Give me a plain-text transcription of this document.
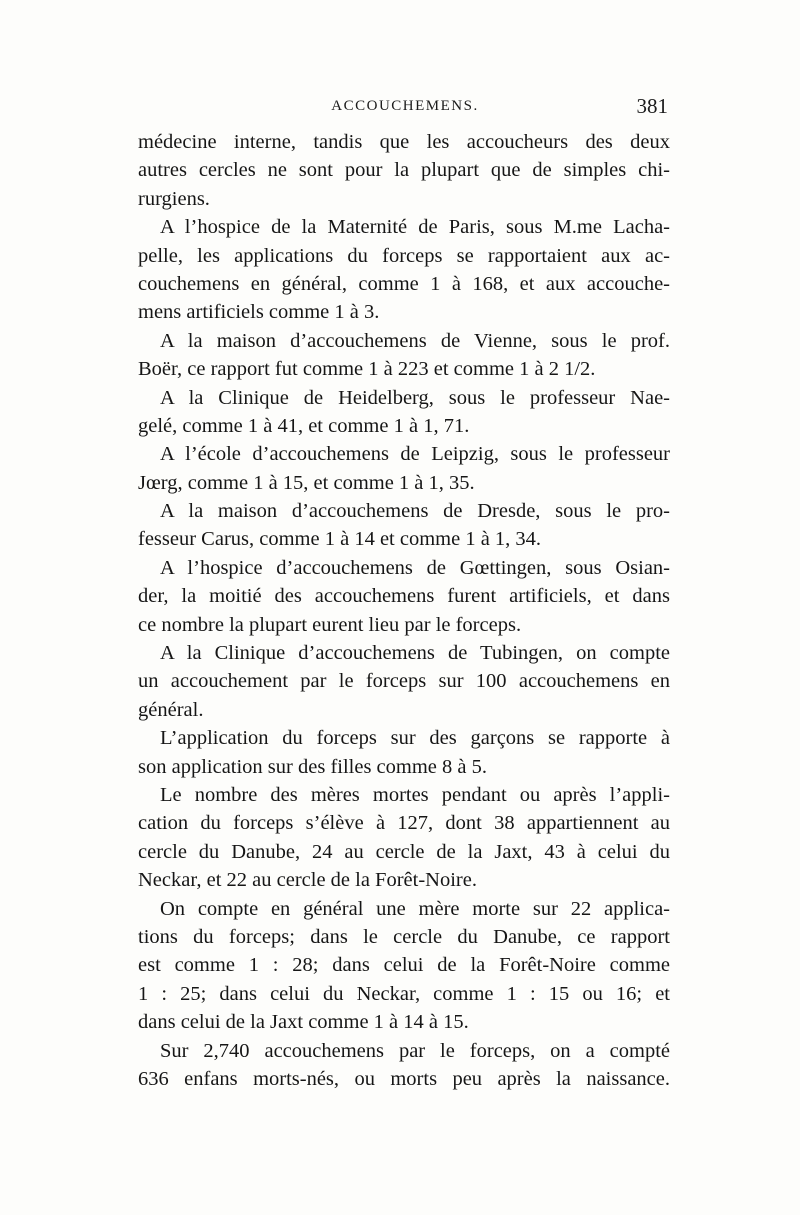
ACCOUCHEMENS.	381
médecine interne, tandis que les accoucheurs des deux
autres cercles ne sont pour la plupart que de simples chi-
rurgiens.
A l’hospice de la Maternité de Paris, sous M.me Lacha-
pelle, les applications du forceps se rapportaient aux ac-
couchemens en général, comme 1 à 168, et aux accouche-
mens artificiels comme 1 à 3.
A la maison d’accouchemens de Vienne, sous le prof.
Boër, ce rapport fut comme 1 à 223 et comme 1 à 2 1/2.
A la Clinique de Heidelberg, sous le professeur Nae-
gelé, comme 1 à 41, et comme 1 à 1, 71.
A l’école d’accouchemens de Leipzig, sous le professeur
Jœrg, comme 1 à 15, et comme 1 à 1, 35.
A la maison d’accouchemens de Dresde, sous le pro-
fesseur Carus, comme 1 à 14 et comme 1 à 1, 34.
A l’hospice d’accouchemens de Gœttingen, sous Osian-
der, la moitié des accouchemens furent artificiels, et dans
ce nombre la plupart eurent lieu par le forceps.
A la Clinique d’accouchemens de Tubingen, on compte
un accouchement par le forceps sur 100 accouchemens en
général.
L’application du forceps sur des garçons se rapporte à
son application sur des filles comme 8 à 5.
Le nombre des mères mortes pendant ou après l’appli-
cation du forceps s’élève à 127, dont 38 appartiennent au
cercle du Danube, 24 au cercle de la Jaxt, 43 à celui du
Neckar, et 22 au cercle de la Forêt-Noire.
On compte en général une mère morte sur 22 applica-
tions du forceps; dans le cercle du Danube, ce rapport
est comme 1 : 28; dans celui de la Forêt-Noire comme
1 : 25; dans celui du Neckar, comme 1 : 15 ou 16; et
dans celui de la Jaxt comme 1 à 14 à 15.
Sur 2,740 accouchemens par le forceps, on a compté
636 enfans morts-nés, ou morts peu après la naissance.
